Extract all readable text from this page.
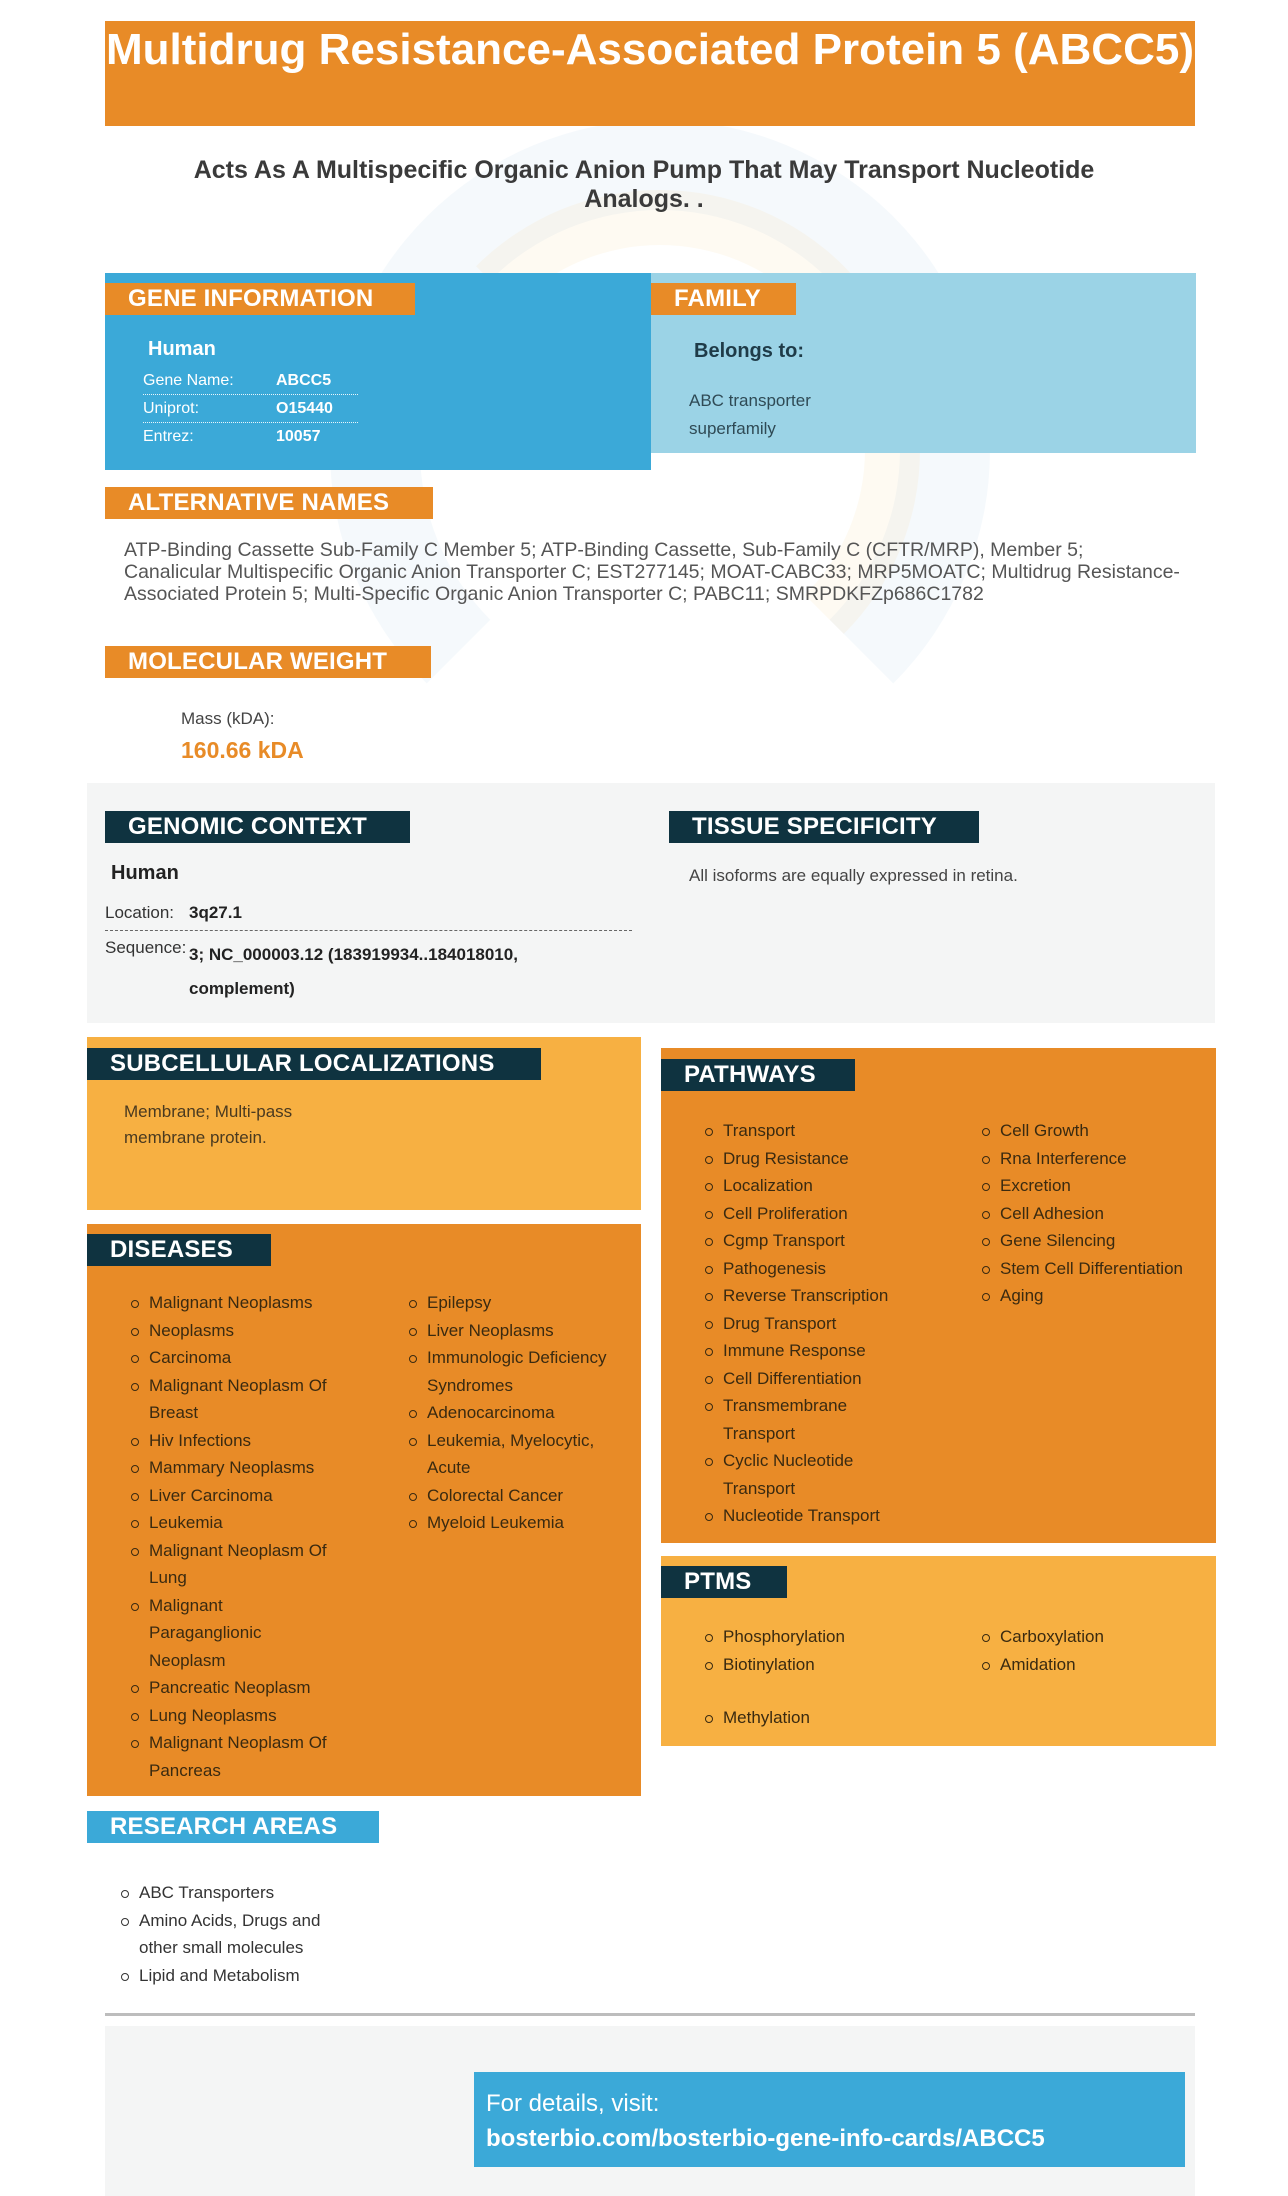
Multidrug Resistance-Associated Protein 5 (ABCC5)
Acts As A Multispecific Organic Anion Pump That May Transport Nucleotide Analogs. .
GENE INFORMATION
Human
Gene Name:	ABCC5
Uniprot:	O15440
Entrez:	10057
FAMILY
Belongs to:
ABC transporter superfamily
ALTERNATIVE NAMES
ATP-Binding Cassette Sub-Family C Member 5; ATP-Binding Cassette, Sub-Family C (CFTR/MRP), Member 5; Canalicular Multispecific Organic Anion Transporter C; EST277145; MOAT-CABC33; MRP5MOATC; Multidrug Resistance-Associated Protein 5; Multi-Specific Organic Anion Transporter C; PABC11; SMRPDKFZp686C1782
MOLECULAR WEIGHT
Mass (kDA):
160.66 kDA
GENOMIC CONTEXT
Human
Location: 3q27.1
Sequence: 3; NC_000003.12 (183919934..184018010, complement)
TISSUE SPECIFICITY
All isoforms are equally expressed in retina.
SUBCELLULAR LOCALIZATIONS
Membrane; Multi-pass membrane protein.
DISEASES
Malignant Neoplasms
Neoplasms
Carcinoma
Malignant Neoplasm Of Breast
Hiv Infections
Mammary Neoplasms
Liver Carcinoma
Leukemia
Malignant Neoplasm Of Lung
Malignant Paraganglionic Neoplasm
Pancreatic Neoplasm
Lung Neoplasms
Malignant Neoplasm Of Pancreas
Epilepsy
Liver Neoplasms
Immunologic Deficiency Syndromes
Adenocarcinoma
Leukemia, Myelocytic, Acute
Colorectal Cancer
Myeloid Leukemia
PATHWAYS
Transport
Drug Resistance
Localization
Cell Proliferation
Cgmp Transport
Pathogenesis
Reverse Transcription
Drug Transport
Immune Response
Cell Differentiation
Transmembrane Transport
Cyclic Nucleotide Transport
Nucleotide Transport
Cell Growth
Rna Interference
Excretion
Cell Adhesion
Gene Silencing
Stem Cell Differentiation
Aging
PTMS
Phosphorylation
Biotinylation
Methylation
Carboxylation
Amidation
RESEARCH AREAS
ABC Transporters
Amino Acids, Drugs and other small molecules
Lipid and Metabolism
For details, visit:
bosterbio.com/bosterbio-gene-info-cards/ABCC5
